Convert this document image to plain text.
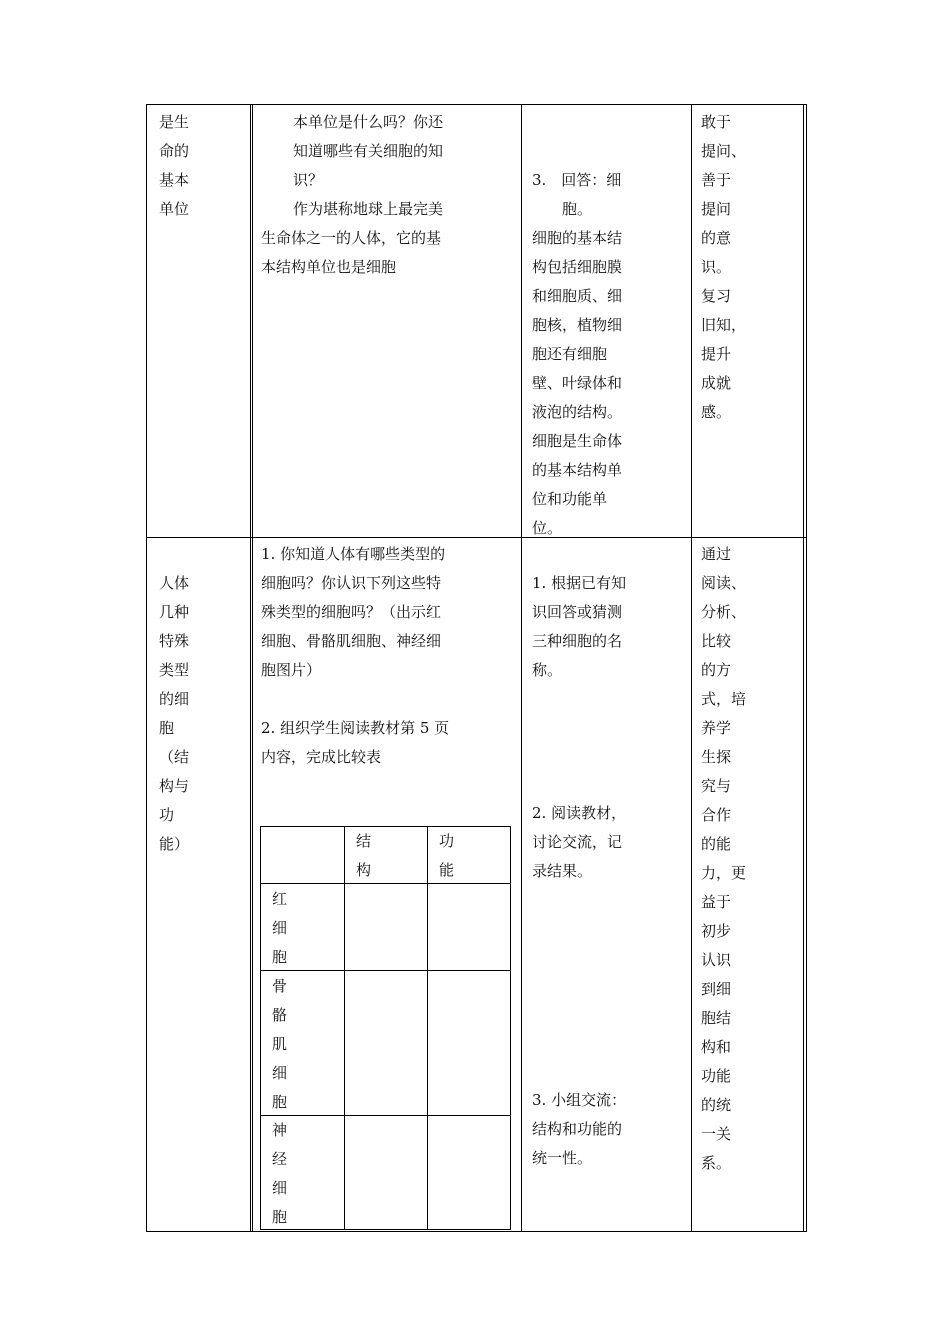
是生
命的
基本
单位
本单位是什么吗？你还
知道哪些有关细胞的知
识？
作为堪称地球上最完美
生命体之一的人体，它的基
本结构单位也是细胞
3.　回答：细
胞。
细胞的基本结
构包括细胞膜
和细胞质、细
胞核，植物细
胞还有细胞
壁、叶绿体和
液泡的结构。
细胞是生命体
的基本结构单
位和功能单
位。
敢于
提问、
善于
提问
的意
识。
复习
旧知，
提升
成就
感。
人体
几种
特殊
类型
的细
胞
（结
构与
功
能）
1. 你知道人体有哪些类型的
细胞吗？你认识下列这些特
殊类型的细胞吗？（出示红
细胞、骨骼肌细胞、神经细
胞图片）
2. 组织学生阅读教材第 5 页
内容，完成比较表
结
构
功
能
红
细
胞
骨
骼
肌
细
胞
神
经
细
胞
1. 根据已有知
识回答或猜测
三种细胞的名
称。
2. 阅读教材，
讨论交流，记
录结果。
3. 小组交流：
结构和功能的
统一性。
通过
阅读、
分析、
比较
的方
式，培
养学
生探
究与
合作
的能
力，更
益于
初步
认识
到细
胞结
构和
功能
的统
一关
系。
